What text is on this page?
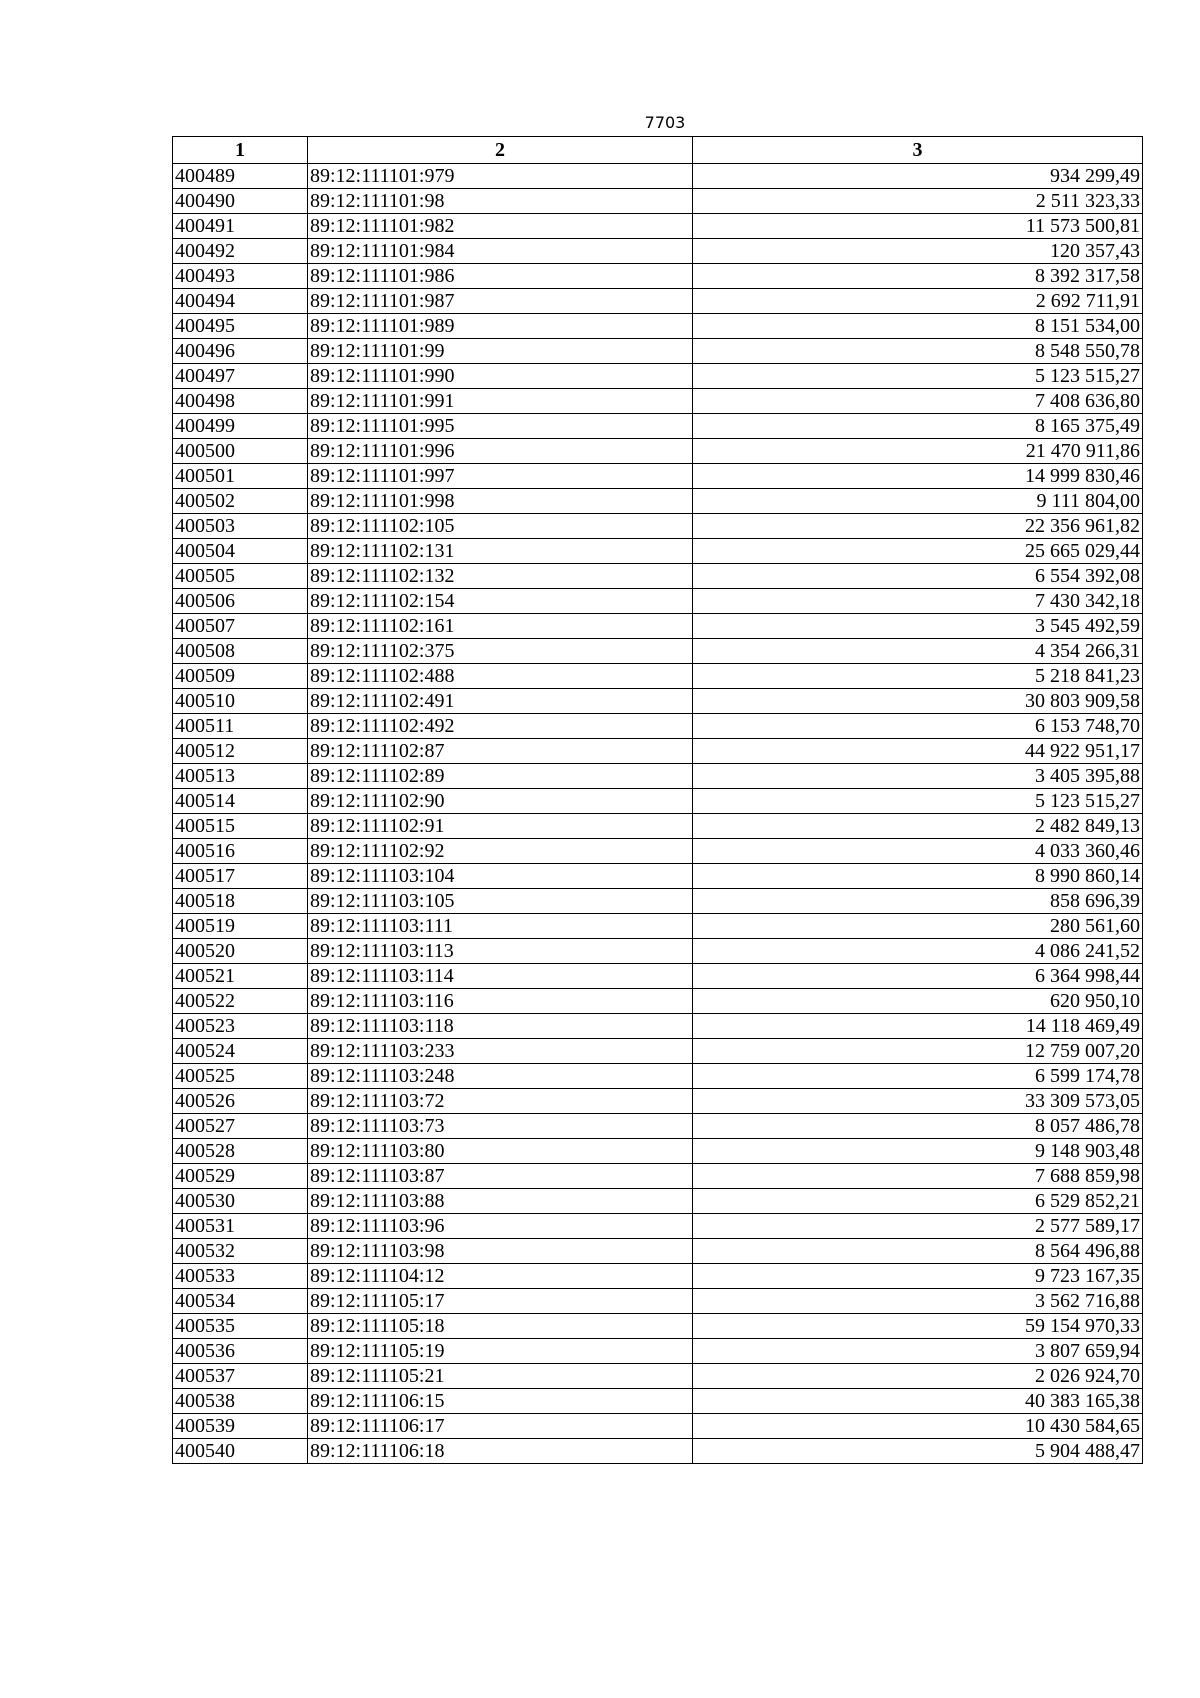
7703
1	2	3
400489	89:12:111101:979	934 299,49
400490	89:12:111101:98	2 511 323,33
400491	89:12:111101:982	11 573 500,81
400492	89:12:111101:984	120 357,43
400493	89:12:111101:986	8 392 317,58
400494	89:12:111101:987	2 692 711,91
400495	89:12:111101:989	8 151 534,00
400496	89:12:111101:99	8 548 550,78
400497	89:12:111101:990	5 123 515,27
400498	89:12:111101:991	7 408 636,80
400499	89:12:111101:995	8 165 375,49
400500	89:12:111101:996	21 470 911,86
400501	89:12:111101:997	14 999 830,46
400502	89:12:111101:998	9 111 804,00
400503	89:12:111102:105	22 356 961,82
400504	89:12:111102:131	25 665 029,44
400505	89:12:111102:132	6 554 392,08
400506	89:12:111102:154	7 430 342,18
400507	89:12:111102:161	3 545 492,59
400508	89:12:111102:375	4 354 266,31
400509	89:12:111102:488	5 218 841,23
400510	89:12:111102:491	30 803 909,58
400511	89:12:111102:492	6 153 748,70
400512	89:12:111102:87	44 922 951,17
400513	89:12:111102:89	3 405 395,88
400514	89:12:111102:90	5 123 515,27
400515	89:12:111102:91	2 482 849,13
400516	89:12:111102:92	4 033 360,46
400517	89:12:111103:104	8 990 860,14
400518	89:12:111103:105	858 696,39
400519	89:12:111103:111	280 561,60
400520	89:12:111103:113	4 086 241,52
400521	89:12:111103:114	6 364 998,44
400522	89:12:111103:116	620 950,10
400523	89:12:111103:118	14 118 469,49
400524	89:12:111103:233	12 759 007,20
400525	89:12:111103:248	6 599 174,78
400526	89:12:111103:72	33 309 573,05
400527	89:12:111103:73	8 057 486,78
400528	89:12:111103:80	9 148 903,48
400529	89:12:111103:87	7 688 859,98
400530	89:12:111103:88	6 529 852,21
400531	89:12:111103:96	2 577 589,17
400532	89:12:111103:98	8 564 496,88
400533	89:12:111104:12	9 723 167,35
400534	89:12:111105:17	3 562 716,88
400535	89:12:111105:18	59 154 970,33
400536	89:12:111105:19	3 807 659,94
400537	89:12:111105:21	2 026 924,70
400538	89:12:111106:15	40 383 165,38
400539	89:12:111106:17	10 430 584,65
400540	89:12:111106:18	5 904 488,47
